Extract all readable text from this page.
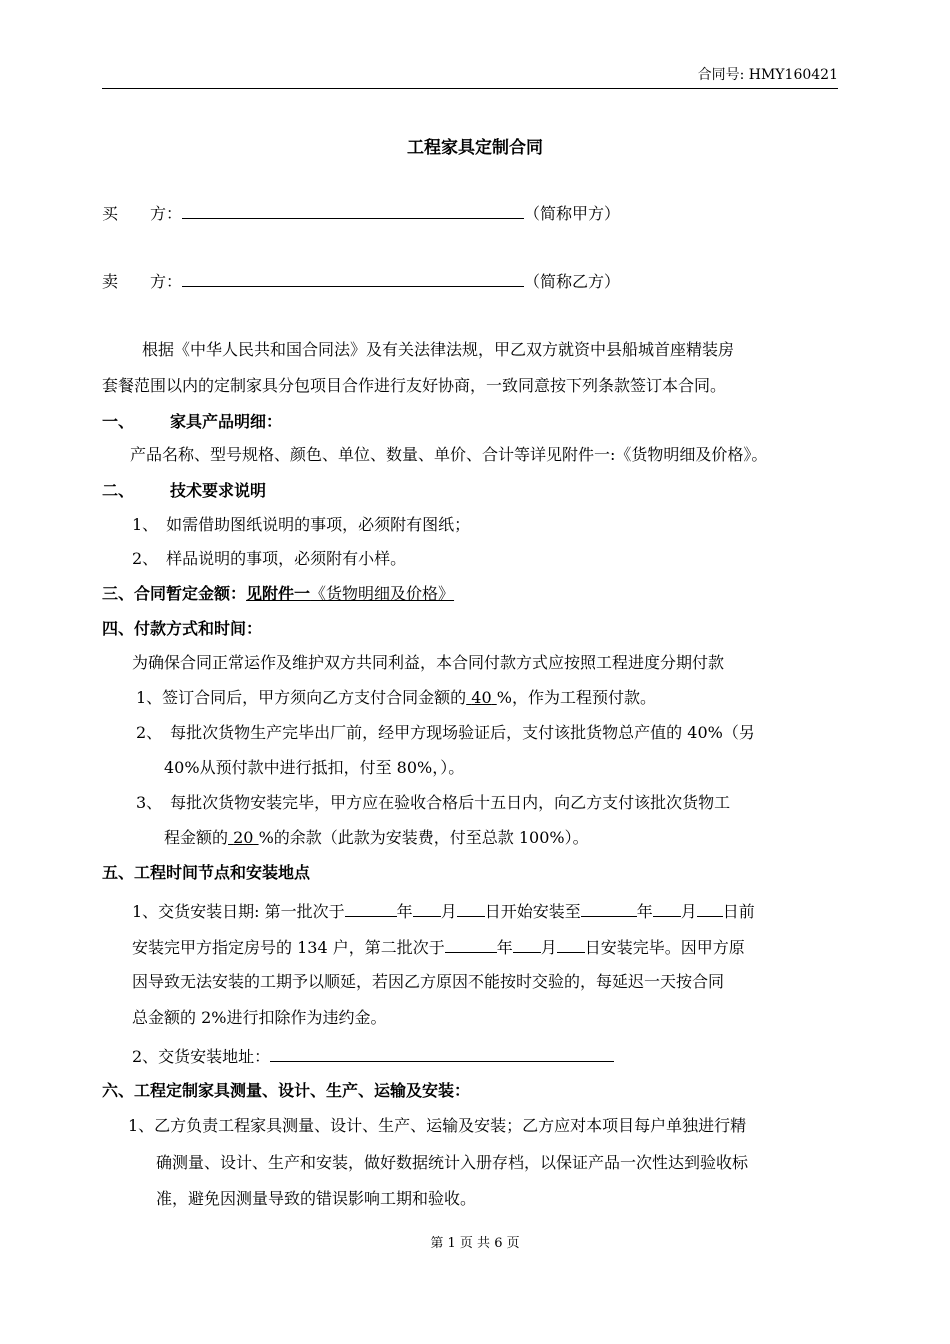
合同号: HMY160421
工程家具定制合同
买　　方：	（简称甲方）
卖　　方：	（简称乙方）
根据《中华人民共和国合同法》及有关法律法规，甲乙双方就资中县船城首座精装房
套餐范围以内的定制家具分包项目合作进行友好协商，一致同意按下列条款签订本合同。
一、 家具产品明细：
产品名称、型号规格、颜色、单位、数量、单价、合计等详见附件一:《货物明细及价格》。
二、 技术要求说明
1、　如需借助图纸说明的事项，必须附有图纸；
2、　样品说明的事项，必须附有小样。
三、合同暂定金额：见附件一《货物明细及价格》
四、付款方式和时间：
为确保合同正常运作及维护双方共同利益，本合同付款方式应按照工程进度分期付款
1、签订合同后，甲方须向乙方支付合同金额的 40 %，作为工程预付款。
2、　每批次货物生产完毕出厂前，经甲方现场验证后，支付该批货物总产值的 40%（另
40%从预付款中进行抵扣，付至 80%，）。
3、　每批次货物安装完毕，甲方应在验收合格后十五日内，向乙方支付该批次货物工
程金额的 20 %的余款（此款为安装费，付至总款 100%）。
五、工程时间节点和安装地点
1、交货安装日期: 第一批次于	年 月 日开始安装至	年 月 日前
安装完甲方指定房号的 134 户，第二批次于	年 月 日安装完毕。因甲方原
因导致无法安装的工期予以顺延，若因乙方原因不能按时交验的，每延迟一天按合同
总金额的 2%进行扣除作为违约金。
2、交货安装地址：
六、工程定制家具测量、设计、生产、运输及安装：
1、乙方负责工程家具测量、设计、生产、运输及安装；乙方应对本项目每户单独进行精
确测量、设计、生产和安装，做好数据统计入册存档，以保证产品一次性达到验收标
准，避免因测量导致的错误影响工期和验收。
第 1 页 共 6 页
